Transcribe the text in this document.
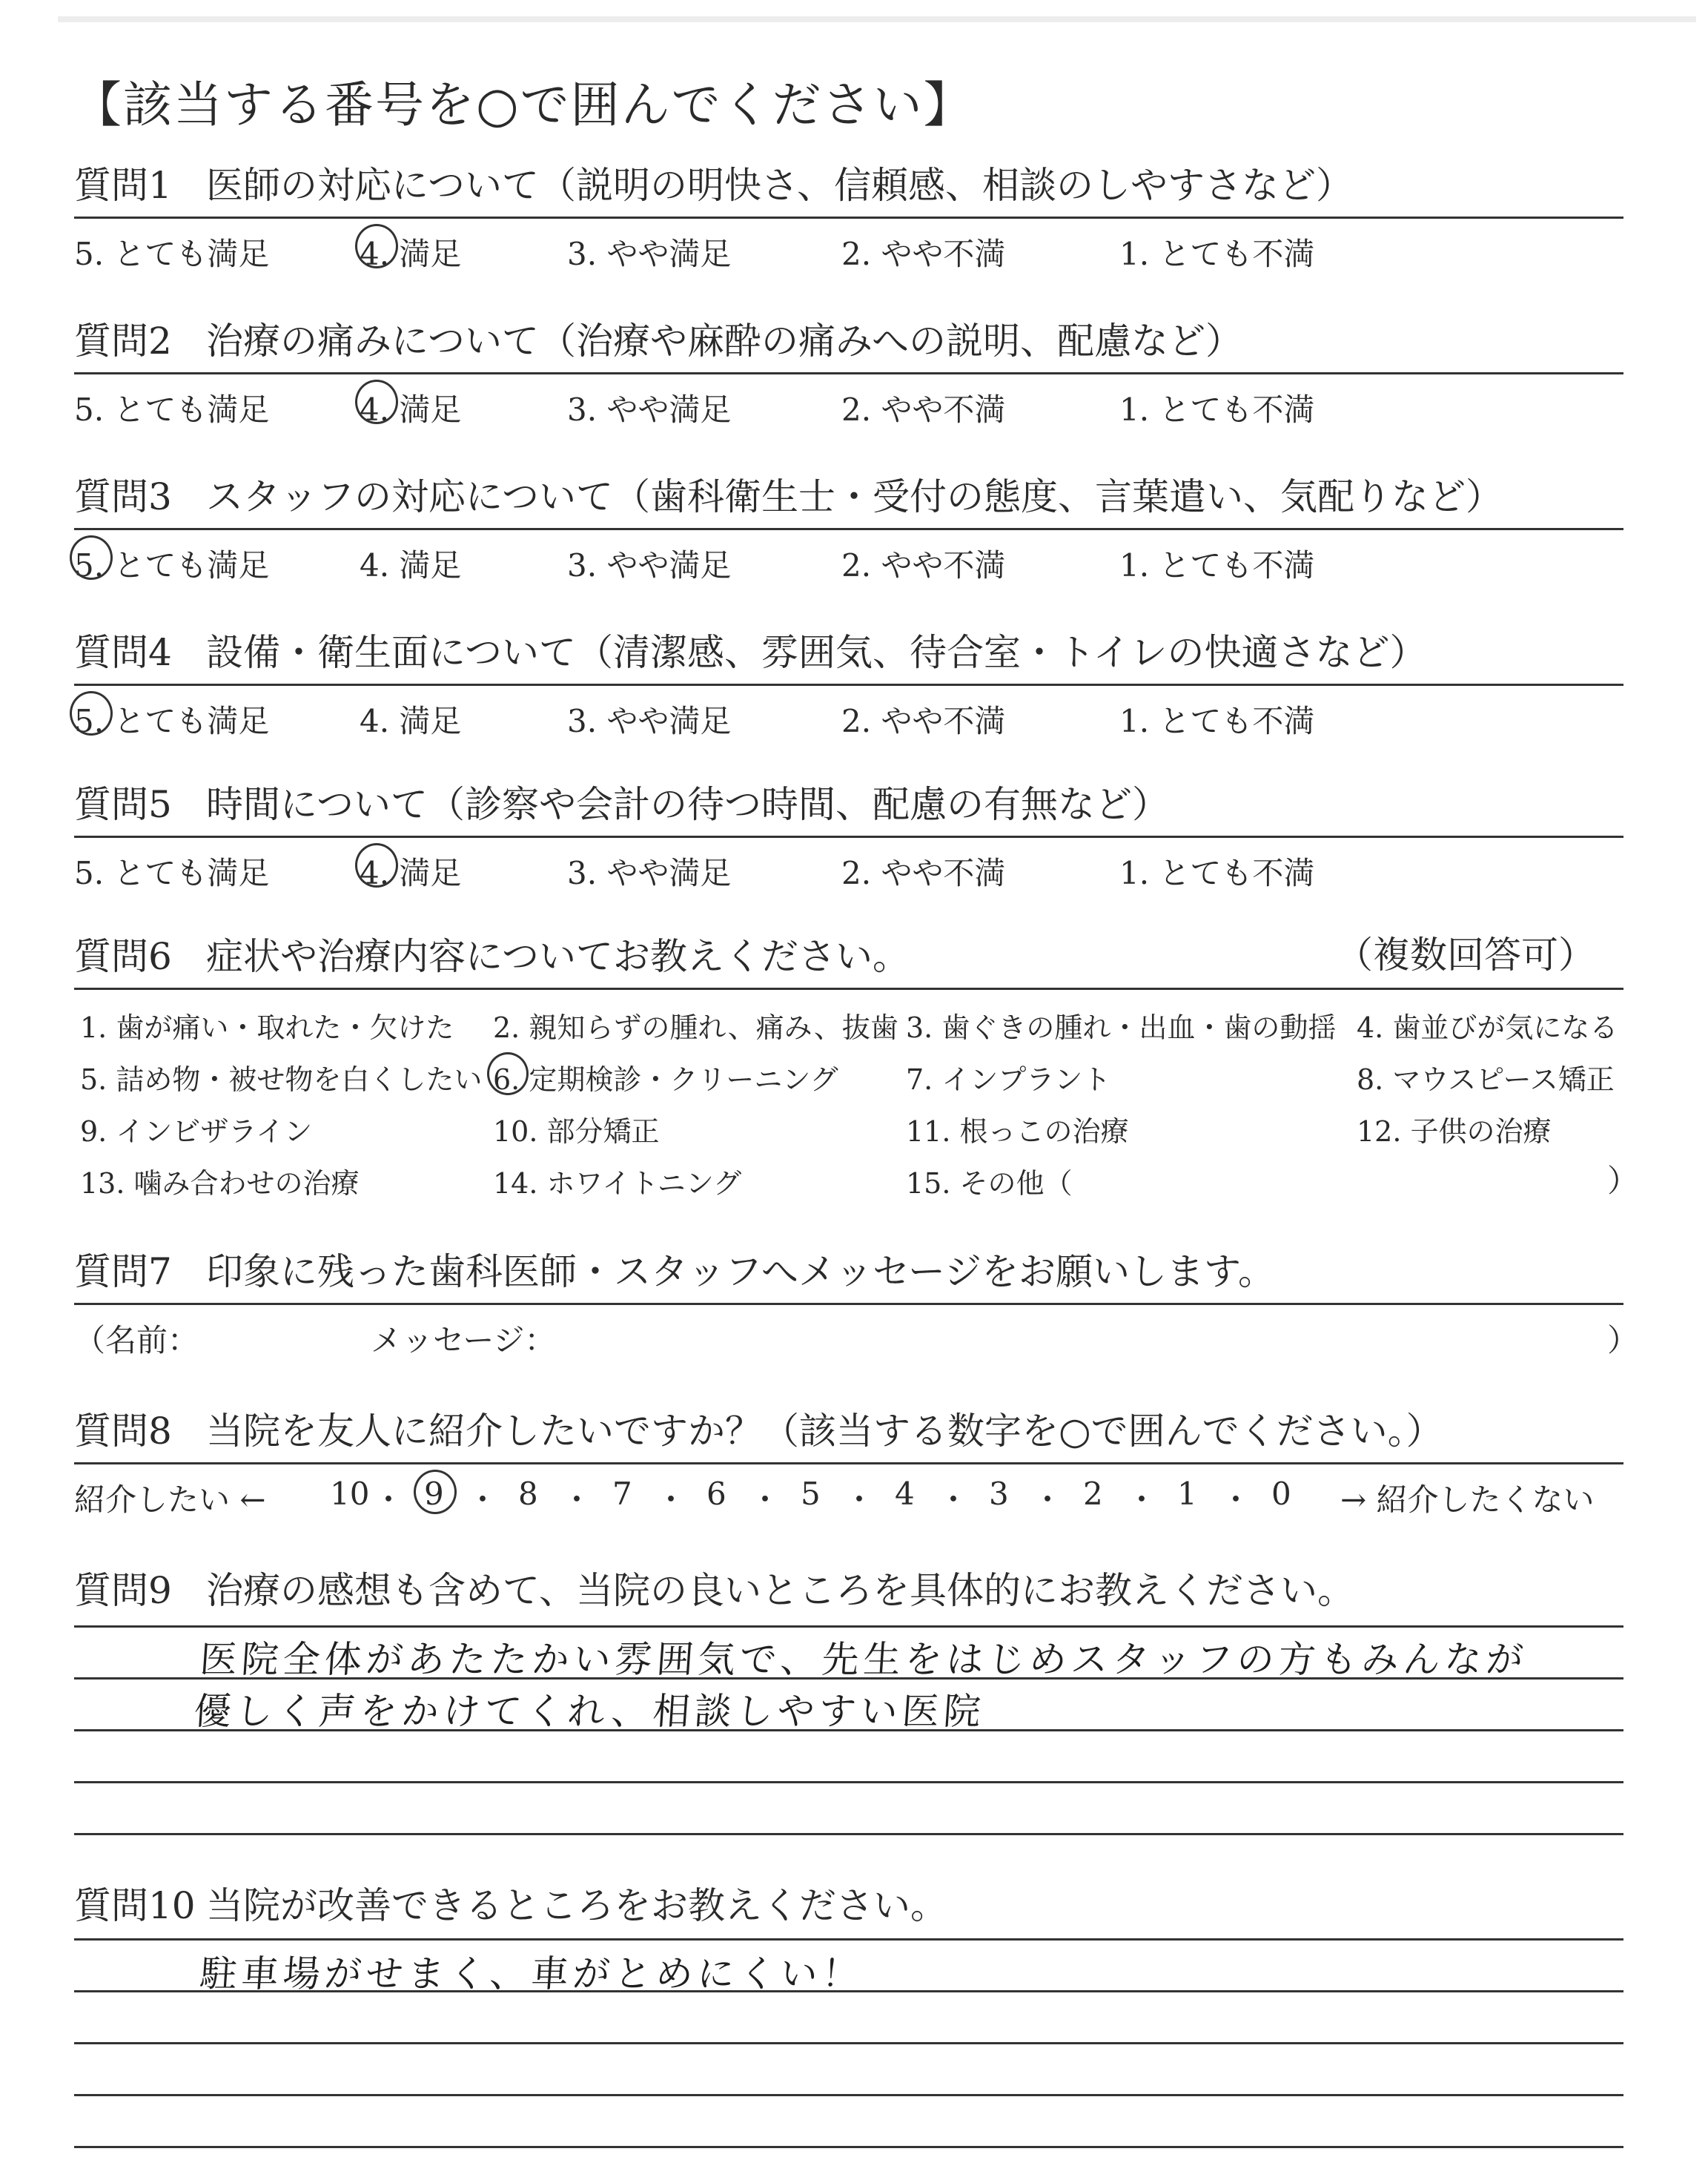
【該当する番号を○で囲んでください】
質問1 医師の対応について（説明の明快さ、信頼感、相談のしやすさなど）
5. とても満足	4. 満足	3. やや満足	2. やや不満	1. とても不満
質問2 治療の痛みについて（治療や麻酔の痛みへの説明、配慮など）
5. とても満足	4. 満足	3. やや満足	2. やや不満	1. とても不満
質問3 スタッフの対応について（歯科衛生士・受付の態度、言葉遣い、気配りなど）
5. とても満足	4. 満足	3. やや満足	2. やや不満	1. とても不満
質問4 設備・衛生面について（清潔感、雰囲気、待合室・トイレの快適さなど）
5. とても満足	4. 満足	3. やや満足	2. やや不満	1. とても不満
質問5 時間について（診察や会計の待つ時間、配慮の有無など）
5. とても満足	4. 満足	3. やや満足	2. やや不満	1. とても不満
質問6 症状や治療内容についてお教えください。	（複数回答可）
1. 歯が痛い・取れた・欠けた 2. 親知らずの腫れ、痛み、抜歯 3. 歯ぐきの腫れ・出血・歯の動揺 4. 歯並びが気になる
5. 詰め物・被せ物を白くしたい 6. 定期検診・クリーニング 7. インプラント	8. マウスピース矯正
9. インビザライン	10. 部分矯正	11. 根っこの治療	12. 子供の治療
13. 噛み合わせの治療	14. ホワイトニング	15. その他（	）
質問7 印象に残った歯科医師・スタッフへメッセージをお願いします。
（名前：	メッセージ：	）
質問8 当院を友人に紹介したいですか？（該当する数字を○で囲んでください。）
紹介したい ← 10 ・ 9 ・ 8 ・ 7 ・ 6 ・ 5 ・ 4 ・ 3 ・ 2 ・ 1 ・ 0 → 紹介したくない
質問9 治療の感想も含めて、当院の良いところを具体的にお教えください。
医院全体があたたかい雰囲気で、先生をはじめスタッフの方もみんなが
優しく声をかけてくれ、相談しやすい医院
質問10 当院が改善できるところをお教えください。
駐車場がせまく、車がとめにくい！
